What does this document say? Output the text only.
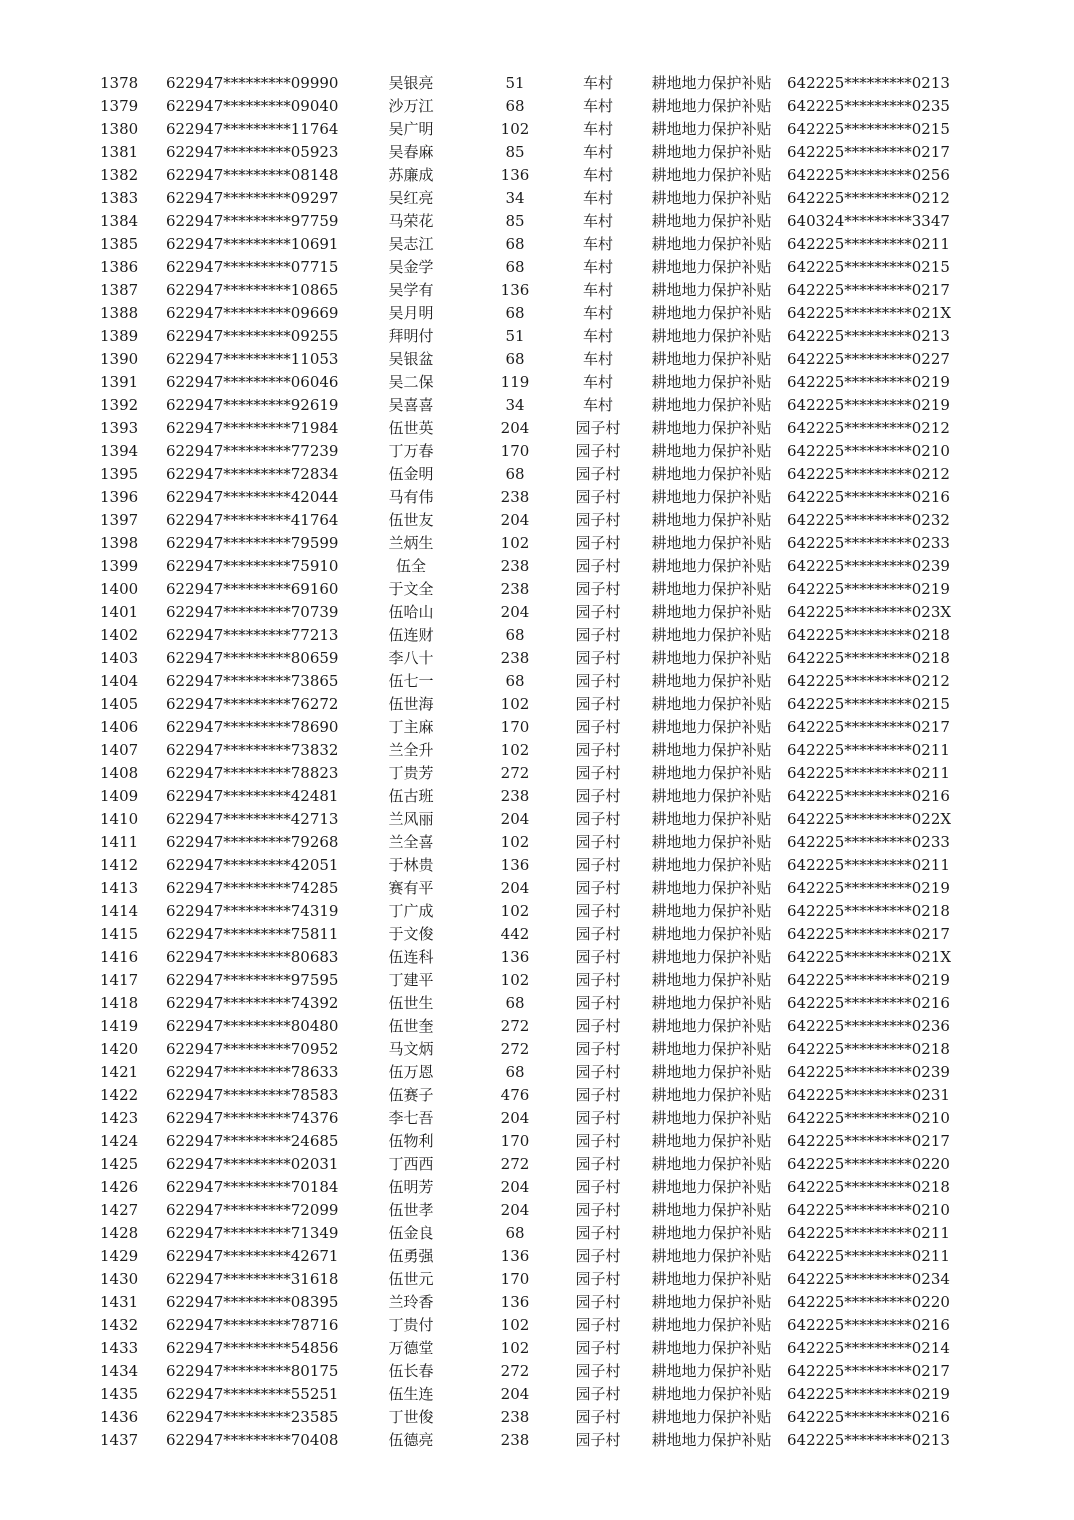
1378	622947*********09990	吴银亮	51	车村	耕地地力保护补贴	642225*********0213
1379	622947*********09040	沙万江	68	车村	耕地地力保护补贴	642225*********0235
1380	622947*********11764	吴广明	102	车村	耕地地力保护补贴	642225*********0215
1381	622947*********05923	吴春麻	85	车村	耕地地力保护补贴	642225*********0217
1382	622947*********08148	苏廉成	136	车村	耕地地力保护补贴	642225*********0256
1383	622947*********09297	吴红亮	34	车村	耕地地力保护补贴	642225*********0212
1384	622947*********97759	马荣花	85	车村	耕地地力保护补贴	640324*********3347
1385	622947*********10691	吴志江	68	车村	耕地地力保护补贴	642225*********0211
1386	622947*********07715	吴金学	68	车村	耕地地力保护补贴	642225*********0215
1387	622947*********10865	吴学有	136	车村	耕地地力保护补贴	642225*********0217
1388	622947*********09669	吴月明	68	车村	耕地地力保护补贴	642225*********021X
1389	622947*********09255	拜明付	51	车村	耕地地力保护补贴	642225*********0213
1390	622947*********11053	吴银盆	68	车村	耕地地力保护补贴	642225*********0227
1391	622947*********06046	吴二保	119	车村	耕地地力保护补贴	642225*********0219
1392	622947*********92619	吴喜喜	34	车村	耕地地力保护补贴	642225*********0219
1393	622947*********71984	伍世英	204	园子村	耕地地力保护补贴	642225*********0212
1394	622947*********77239	丁万春	170	园子村	耕地地力保护补贴	642225*********0210
1395	622947*********72834	伍金明	68	园子村	耕地地力保护补贴	642225*********0212
1396	622947*********42044	马有伟	238	园子村	耕地地力保护补贴	642225*********0216
1397	622947*********41764	伍世友	204	园子村	耕地地力保护补贴	642225*********0232
1398	622947*********79599	兰炳生	102	园子村	耕地地力保护补贴	642225*********0233
1399	622947*********75910	伍全	238	园子村	耕地地力保护补贴	642225*********0239
1400	622947*********69160	于文全	238	园子村	耕地地力保护补贴	642225*********0219
1401	622947*********70739	伍哈山	204	园子村	耕地地力保护补贴	642225*********023X
1402	622947*********77213	伍连财	68	园子村	耕地地力保护补贴	642225*********0218
1403	622947*********80659	李八十	238	园子村	耕地地力保护补贴	642225*********0218
1404	622947*********73865	伍七一	68	园子村	耕地地力保护补贴	642225*********0212
1405	622947*********76272	伍世海	102	园子村	耕地地力保护补贴	642225*********0215
1406	622947*********78690	丁主麻	170	园子村	耕地地力保护补贴	642225*********0217
1407	622947*********73832	兰全升	102	园子村	耕地地力保护补贴	642225*********0211
1408	622947*********78823	丁贵芳	272	园子村	耕地地力保护补贴	642225*********0211
1409	622947*********42481	伍古班	238	园子村	耕地地力保护补贴	642225*********0216
1410	622947*********42713	兰风丽	204	园子村	耕地地力保护补贴	642225*********022X
1411	622947*********79268	兰全喜	102	园子村	耕地地力保护补贴	642225*********0233
1412	622947*********42051	于林贵	136	园子村	耕地地力保护补贴	642225*********0211
1413	622947*********74285	赛有平	204	园子村	耕地地力保护补贴	642225*********0219
1414	622947*********74319	丁广成	102	园子村	耕地地力保护补贴	642225*********0218
1415	622947*********75811	于文俊	442	园子村	耕地地力保护补贴	642225*********0217
1416	622947*********80683	伍连科	136	园子村	耕地地力保护补贴	642225*********021X
1417	622947*********97595	丁建平	102	园子村	耕地地力保护补贴	642225*********0219
1418	622947*********74392	伍世生	68	园子村	耕地地力保护补贴	642225*********0216
1419	622947*********80480	伍世奎	272	园子村	耕地地力保护补贴	642225*********0236
1420	622947*********70952	马文炳	272	园子村	耕地地力保护补贴	642225*********0218
1421	622947*********78633	伍万恩	68	园子村	耕地地力保护补贴	642225*********0239
1422	622947*********78583	伍赛子	476	园子村	耕地地力保护补贴	642225*********0231
1423	622947*********74376	李七吾	204	园子村	耕地地力保护补贴	642225*********0210
1424	622947*********24685	伍物利	170	园子村	耕地地力保护补贴	642225*********0217
1425	622947*********02031	丁西西	272	园子村	耕地地力保护补贴	642225*********0220
1426	622947*********70184	伍明芳	204	园子村	耕地地力保护补贴	642225*********0218
1427	622947*********72099	伍世孝	204	园子村	耕地地力保护补贴	642225*********0210
1428	622947*********71349	伍金良	68	园子村	耕地地力保护补贴	642225*********0211
1429	622947*********42671	伍勇强	136	园子村	耕地地力保护补贴	642225*********0211
1430	622947*********31618	伍世元	170	园子村	耕地地力保护补贴	642225*********0234
1431	622947*********08395	兰玲香	136	园子村	耕地地力保护补贴	642225*********0220
1432	622947*********78716	丁贵付	102	园子村	耕地地力保护补贴	642225*********0216
1433	622947*********54856	万德堂	102	园子村	耕地地力保护补贴	642225*********0214
1434	622947*********80175	伍长春	272	园子村	耕地地力保护补贴	642225*********0217
1435	622947*********55251	伍生连	204	园子村	耕地地力保护补贴	642225*********0219
1436	622947*********23585	丁世俊	238	园子村	耕地地力保护补贴	642225*********0216
1437	622947*********70408	伍德亮	238	园子村	耕地地力保护补贴	642225*********0213
